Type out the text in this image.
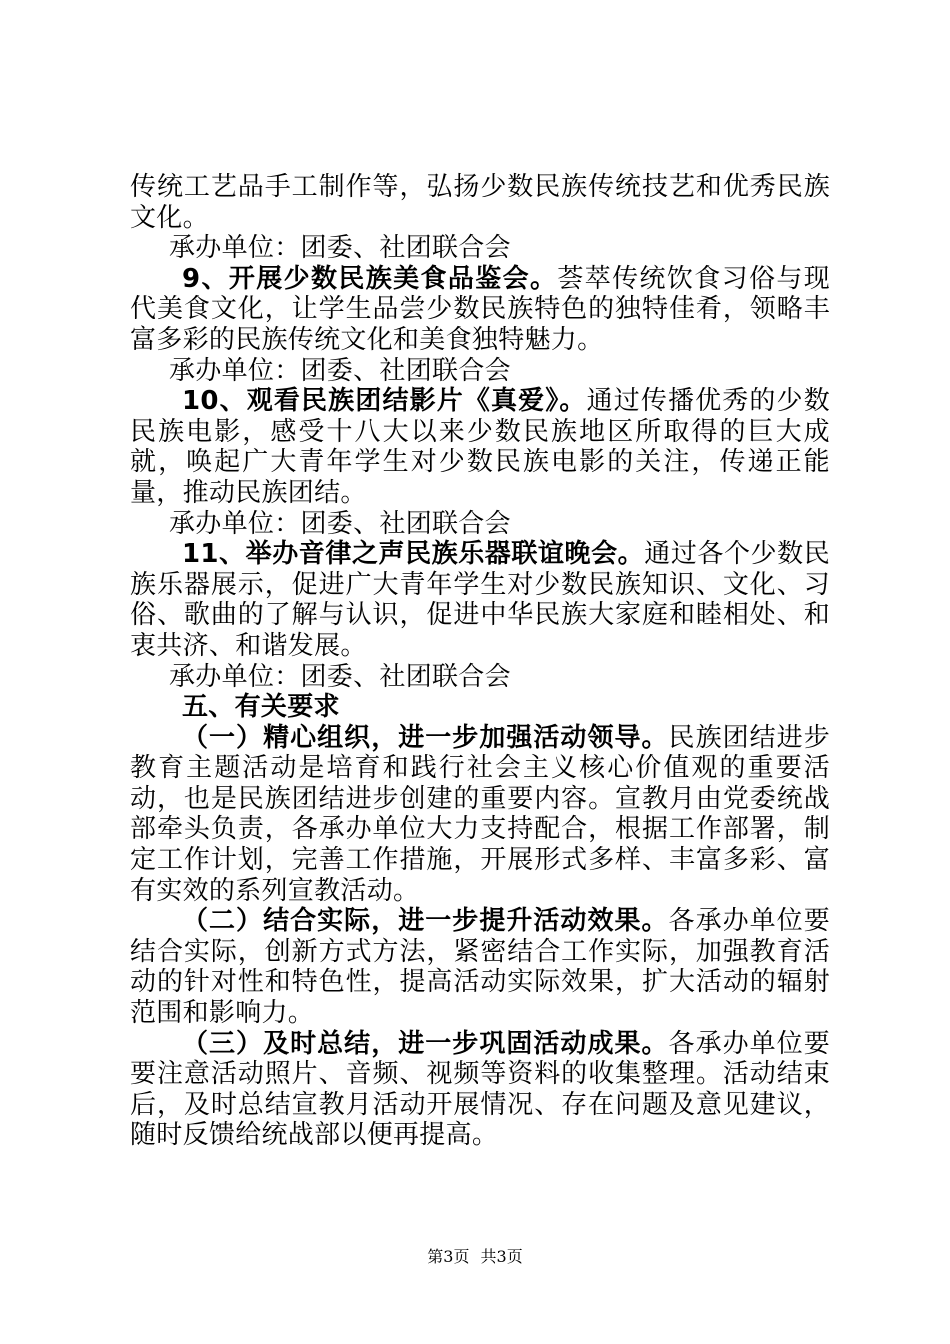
传统工艺品手工制作等，弘扬少数民族传统技艺和优秀民族文化。

承办单位：团委、社团联合会

9、开展少数民族美食品鉴会。荟萃传统饮食习俗与现代美食文化，让学生品尝少数民族特色的独特佳肴，领略丰富多彩的民族传统文化和美食独特魅力。

承办单位：团委、社团联合会

10、观看民族团结影片《真爱》。通过传播优秀的少数民族电影，感受十八大以来少数民族地区所取得的巨大成就，唤起广大青年学生对少数民族电影的关注，传递正能量，推动民族团结。

承办单位：团委、社团联合会

11、举办音律之声民族乐器联谊晚会。通过各个少数民族乐器展示，促进广大青年学生对少数民族知识、文化、习俗、歌曲的了解与认识，促进中华民族大家庭和睦相处、和衷共济、和谐发展。

承办单位：团委、社团联合会

五、有关要求

（一）精心组织，进一步加强活动领导。民族团结进步教育主题活动是培育和践行社会主义核心价值观的重要活动，也是民族团结进步创建的重要内容。宣教月由党委统战部牵头负责，各承办单位大力支持配合，根据工作部署，制定工作计划，完善工作措施，开展形式多样、丰富多彩、富有实效的系列宣教活动。

（二）结合实际，进一步提升活动效果。各承办单位要结合实际，创新方式方法，紧密结合工作实际，加强教育活动的针对性和特色性，提高活动实际效果，扩大活动的辐射范围和影响力。

（三）及时总结，进一步巩固活动成果。各承办单位要要注意活动照片、音频、视频等资料的收集整理。活动结束后，及时总结宣教月活动开展情况、存在问题及意见建议，随时反馈给统战部以便再提高。

第3页 共3页
